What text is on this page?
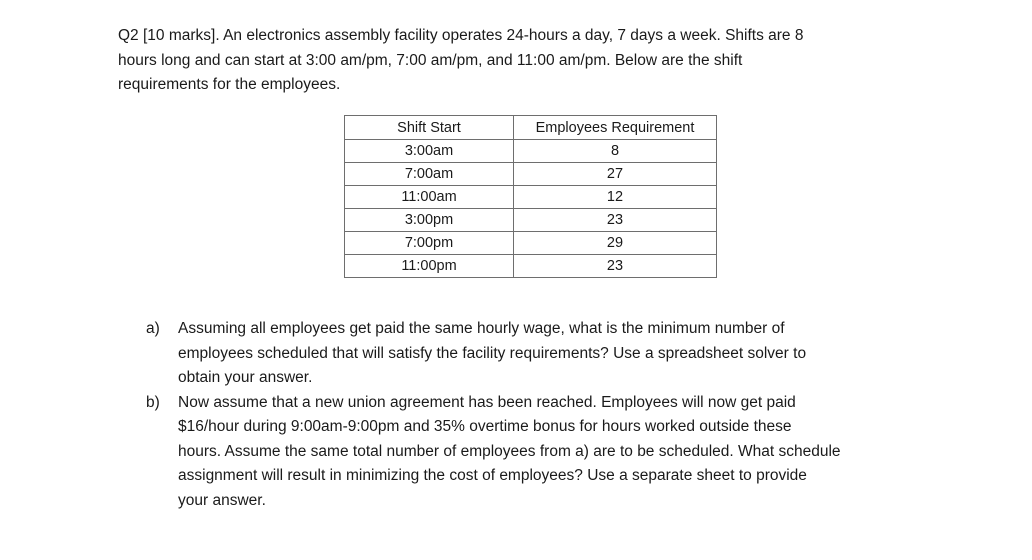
Q2 [10 marks]. An electronics assembly facility operates 24-hours a day, 7 days a week. Shifts are 8

hours long and can start at 3:00 am/pm, 7:00 am/pm, and 11:00 am/pm. Below are the shift

requirements for the employees.

Shift Start	Employees Requirement
3:00am	8
7:00am	27
11:00am	12
3:00pm	23
7:00pm	29
11:00pm	23
a)	Assuming all employees get paid the same hourly wage, what is the minimum number of
employees scheduled that will satisfy the facility requirements? Use a spreadsheet solver to
obtain your answer.
b)	Now assume that a new union agreement has been reached. Employees will now get paid
$16/hour during 9:00am-9:00pm and 35% overtime bonus for hours worked outside these
hours. Assume the same total number of employees from a) are to be scheduled. What schedule
assignment will result in minimizing the cost of employees? Use a separate sheet to provide
your answer.
